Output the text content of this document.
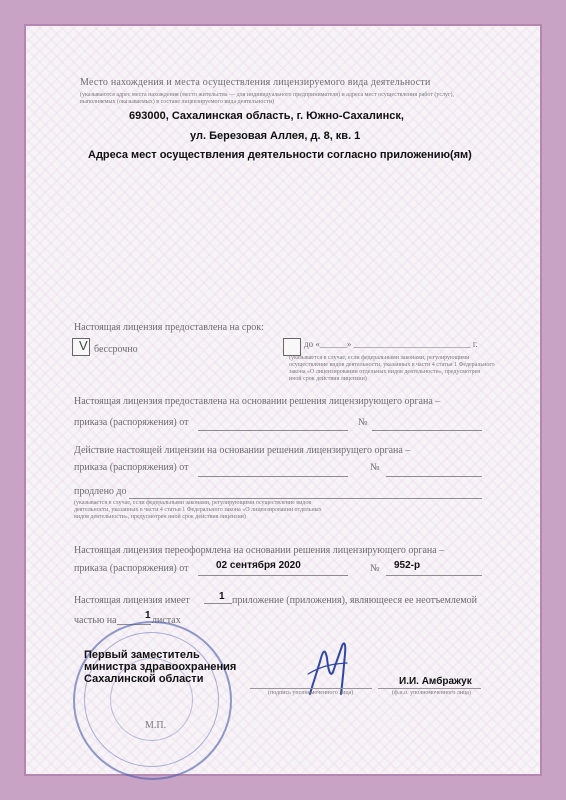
Место нахождения и места осуществления лицензируемого вида деятельности
(указываются адрес места нахождения (место жительства — для индивидуального предпринимателя) и адреса мест осуществления работ (услуг),
выполняемых (оказываемых) в составе лицензируемого вида деятельности)
693000, Сахалинская область, г. Южно-Сахалинск,
ул. Березовая Аллея, д. 8, кв. 1
Адреса мест осуществления деятельности согласно приложению(ям)
Настоящая лицензия предоставлена на срок:
V бессрочно	до «______» __________________________ г.
(указывается в случае, если федеральными законами, регулирующими
осуществление видов деятельности, указанных в части 4 статьи 1 Федерального
закона «О лицензировании отдельных видов деятельности», предусмотрен
иной срок действия лицензии)
Настоящая лицензия предоставлена на основании решения лицензирующего органа –
приказа (распоряжения) от	№
Действие настоящей лицензии на основании решения лицензирущего органа –
приказа (распоряжения) от	№
продлено до
(указывается в случае, если федеральными законами, регулирующими осуществление видов
деятельности, указанных в части 4 статьи 1 Федерального закона «О лицензировании отдельных
видов деятельности», предусмотрен иной срок действия лицензии)
Настоящая лицензия переоформлена на основании решения лицензирующего органа –
приказа (распоряжения) от	02 сентября 2020	№ 952-р
Настоящая лицензия имеет	1 приложение (приложения), являющееся ее неотъемлемой
частью на	1 листах
М.П.
Первый заместитель
министра здравоохранения
Сахалинской области
(подпись уполномоченного лица)
И.И. Амбражук
(ф.и.о. уполномоченного лица)
